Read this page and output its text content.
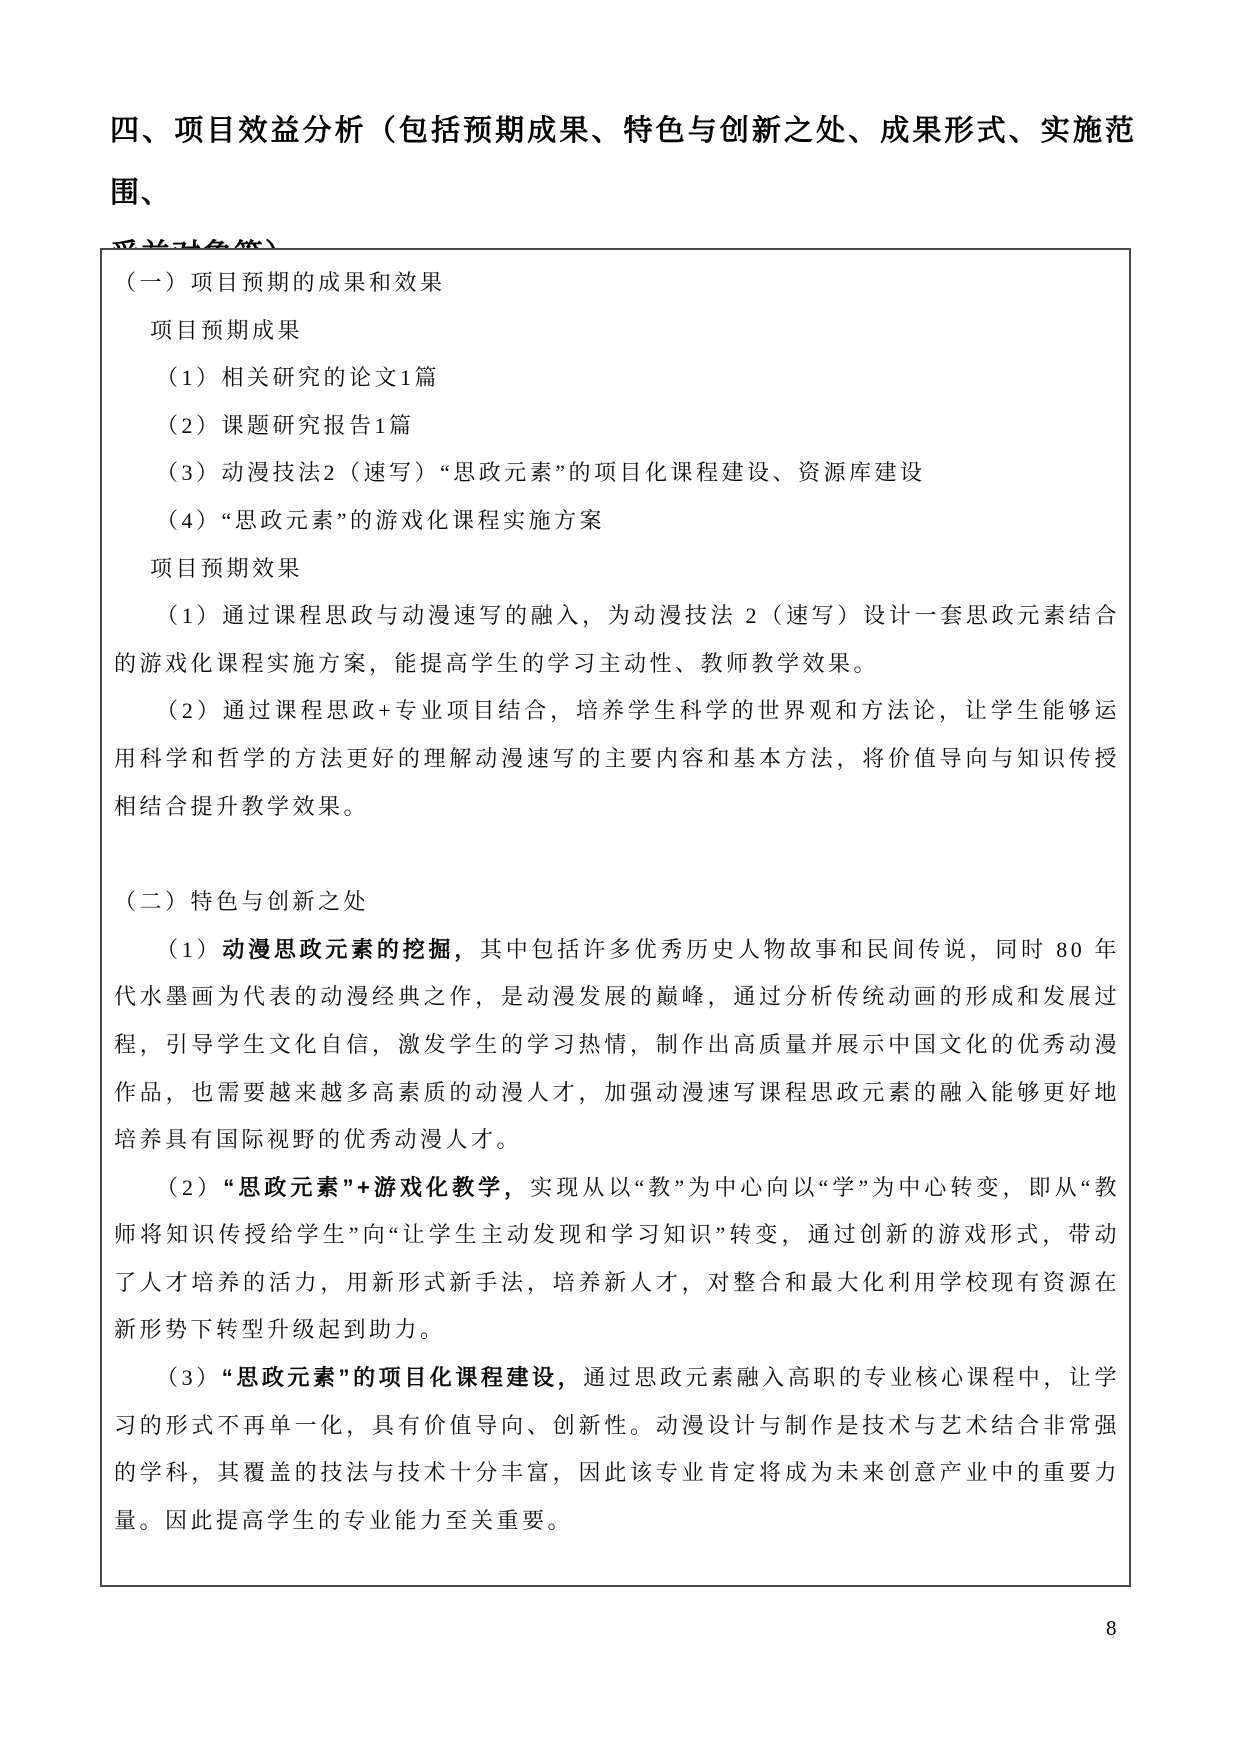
四、项目效益分析（包括预期成果、特色与创新之处、成果形式、实施范围、

（一）项目预期的成果和效果

项目预期成果

（1）相关研究的论文1篇

（2）课题研究报告1篇

（3）动漫技法2（速写）“思政元素”的项目化课程建设、资源库建设

（4）“思政元素”的游戏化课程实施方案

项目预期效果

（1）通过课程思政与动漫速写的融入，为动漫技法 2（速写）设计一套思政元素结合的游戏化课程实施方案，能提高学生的学习主动性、教师教学效果。

（2）通过课程思政+专业项目结合，培养学生科学的世界观和方法论，让学生能够运用科学和哲学的方法更好的理解动漫速写的主要内容和基本方法，将价值导向与知识传授相结合提升教学效果。

（二）特色与创新之处

（1）动漫思政元素的挖掘，其中包括许多优秀历史人物故事和民间传说，同时 80 年代水墨画为代表的动漫经典之作，是动漫发展的巅峰，通过分析传统动画的形成和发展过程，引导学生文化自信，激发学生的学习热情，制作出高质量并展示中国文化的优秀动漫作品，也需要越来越多高素质的动漫人才，加强动漫速写课程思政元素的融入能够更好地培养具有国际视野的优秀动漫人才。

（2）“思政元素”+游戏化教学，实现从以“教”为中心向以“学”为中心转变，即从“教师将知识传授给学生”向“让学生主动发现和学习知识”转变，通过创新的游戏形式，带动了人才培养的活力，用新形式新手法，培养新人才，对整合和最大化利用学校现有资源在新形势下转型升级起到助力。

（3）“思政元素”的项目化课程建设，通过思政元素融入高职的专业核心课程中，让学习的形式不再单一化，具有价值导向、创新性。动漫设计与制作是技术与艺术结合非常强的学科，其覆盖的技法与技术十分丰富，因此该专业肯定将成为未来创意产业中的重要力量。因此提高学生的专业能力至关重要。

8
